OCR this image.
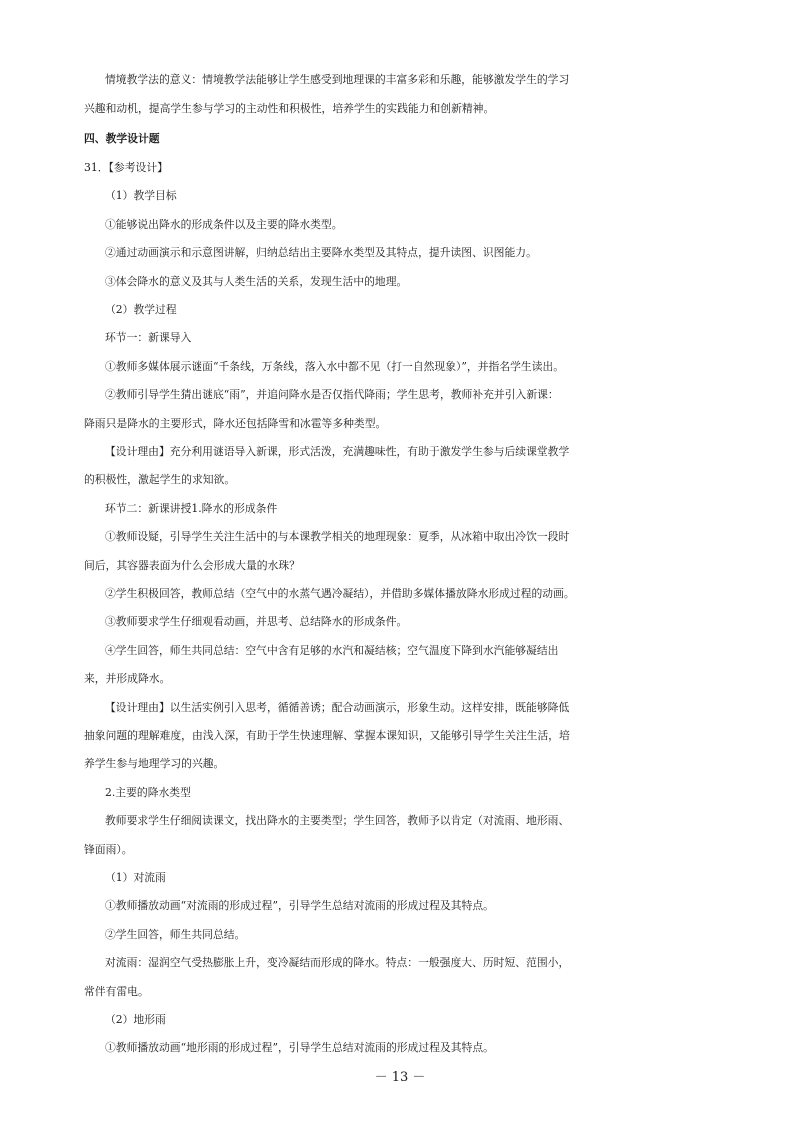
情境教学法的意义：情境教学法能够让学生感受到地理课的丰富多彩和乐趣，能够激发学生的学习
兴趣和动机，提高学生参与学习的主动性和积极性，培养学生的实践能力和创新精神。
四、教学设计题
31．【参考设计】
（1）教学目标
①能够说出降水的形成条件以及主要的降水类型。
②通过动画演示和示意图讲解，归纳总结出主要降水类型及其特点，提升读图、识图能力。
③体会降水的意义及其与人类生活的关系，发现生活中的地理。
（2）教学过程
环节一：新课导入
①教师多媒体展示谜面“千条线，万条线，落入水中都不见（打一自然现象）”，并指名学生读出。
②教师引导学生猜出谜底“雨”，并追问降水是否仅指代降雨；学生思考，教师补充并引入新课：
降雨只是降水的主要形式，降水还包括降雪和冰雹等多种类型。
【设计理由】充分利用谜语导入新课，形式活泼，充满趣味性，有助于激发学生参与后续课堂教学
的积极性，激起学生的求知欲。
环节二：新课讲授1.降水的形成条件
①教师设疑，引导学生关注生活中的与本课教学相关的地理现象：夏季，从冰箱中取出冷饮一段时
间后，其容器表面为什么会形成大量的水珠？
②学生积极回答，教师总结（空气中的水蒸气遇冷凝结），并借助多媒体播放降水形成过程的动画。
③教师要求学生仔细观看动画，并思考、总结降水的形成条件。
④学生回答，师生共同总结：空气中含有足够的水汽和凝结核；空气温度下降到水汽能够凝结出
来，并形成降水。
【设计理由】以生活实例引入思考，循循善诱；配合动画演示，形象生动。这样安排，既能够降低
抽象问题的理解难度，由浅入深，有助于学生快速理解、掌握本课知识，又能够引导学生关注生活，培
养学生参与地理学习的兴趣。
2.主要的降水类型
教师要求学生仔细阅读课文，找出降水的主要类型；学生回答，教师予以肯定（对流雨、地形雨、
锋面雨）。
（1）对流雨
①教师播放动画“对流雨的形成过程”，引导学生总结对流雨的形成过程及其特点。
②学生回答，师生共同总结。
对流雨：湿润空气受热膨胀上升，变冷凝结而形成的降水。特点：一般强度大、历时短、范围小，
常伴有雷电。
（2）地形雨
①教师播放动画“地形雨的形成过程”，引导学生总结对流雨的形成过程及其特点。
－ 13 －
